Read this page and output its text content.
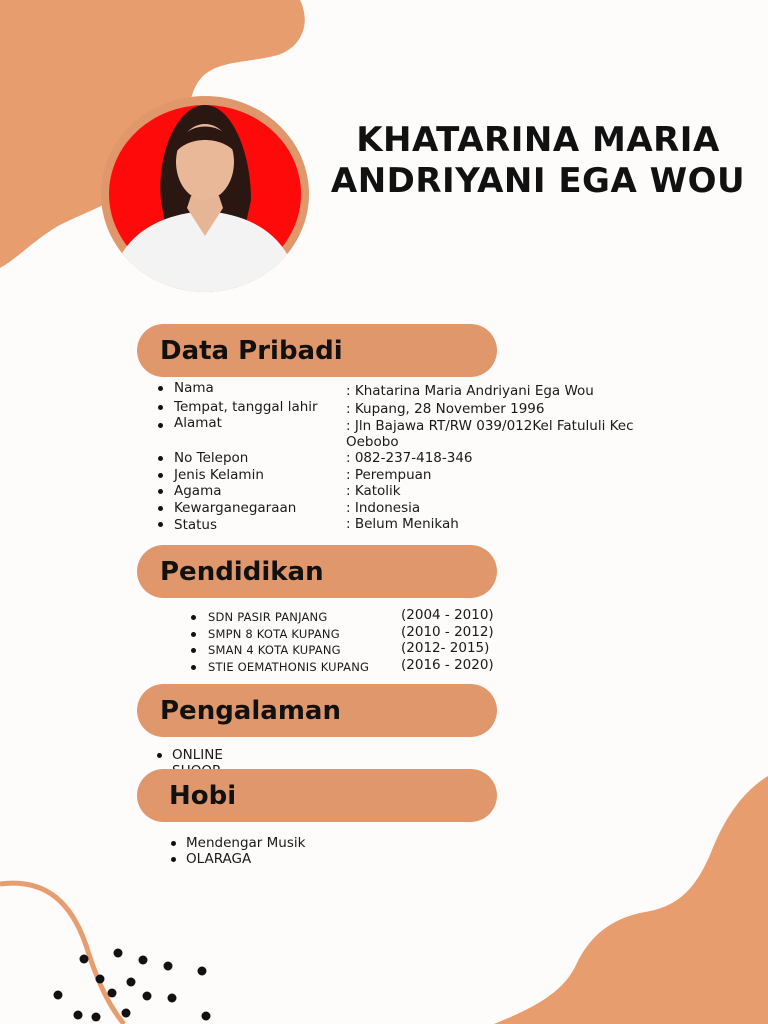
KHATARINA MARIA
ANDRIYANI EGA WOU
Data Pribadi
Nama	: Khatarina Maria Andriyani Ega Wou
Tempat, tanggal lahir : Kupang, 28 November 1996
Alamat	: Jln Bajawa RT/RW 039/012Kel Fatululi Kec Oebobo
No Telepon	: 082-237-418-346
Jenis Kelamin	: Perempuan
Agama	: Katolik
Kewarganegaraan	: Indonesia
Status	: Belum Menikah
Pendidikan
SDN PASIR PANJANG	(2004 - 2010)
SMPN 8 KOTA KUPANG	(2010 - 2012)
SMAN 4 KOTA KUPANG	(2012- 2015)
STIE OEMATHONIS KUPANG (2016 - 2020)
Pengalaman
ONLINE
Hobi
Mendengar Musik
OLARAGA
